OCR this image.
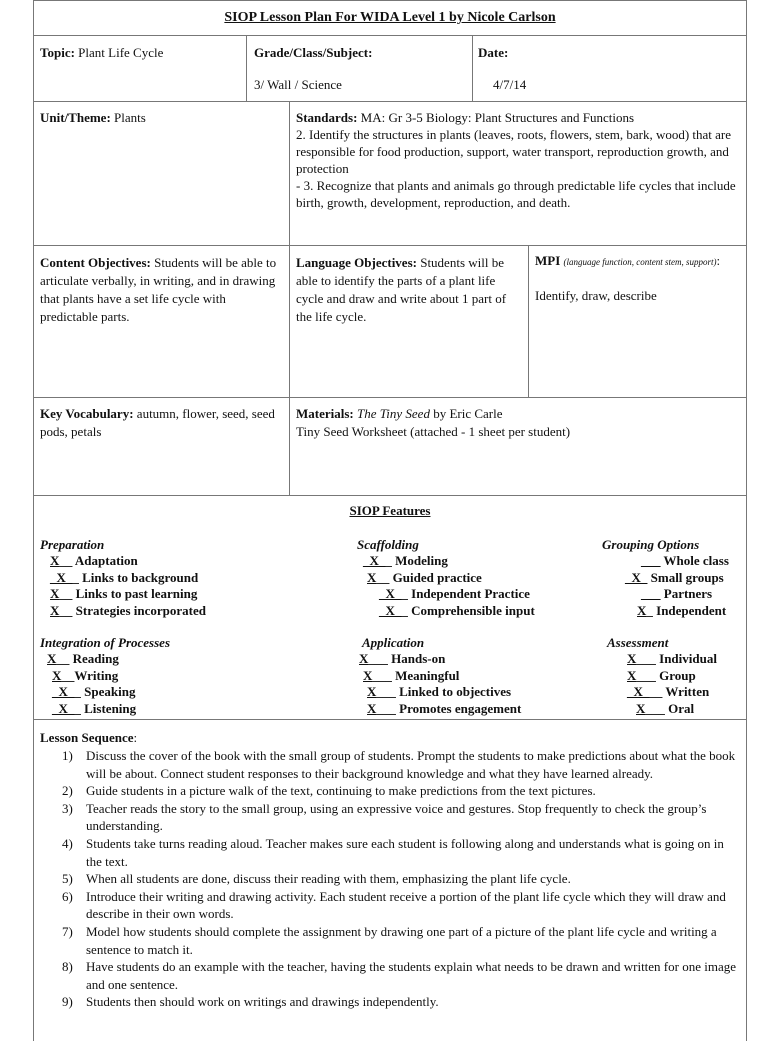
SIOP Lesson Plan For WIDA Level 1 by Nicole Carlson
Topic: Plant Life Cycle	Grade/Class/Subject:
3/ Wall / Science
Date:
4/7/14
Unit/Theme: Plants	Standards: MA: Gr 3-5 Biology: Plant Structures and Functions
2. Identify the structures in plants (leaves, roots, flowers, stem, bark, wood) that are responsible for food production, support, water transport, reproduction growth, and protection
- 3. Recognize that plants and animals go through predictable life cycles that include birth, growth, development, reproduction, and death.
Content Objectives: Students will be able to articulate verbally, in writing, and in drawing that plants have a set life cycle with predictable parts.
Language Objectives: Students will be able to identify the parts of a plant life cycle and draw and write about 1 part of the life cycle.
MPI (language function, content stem, support):
Identify, draw, describe
Key Vocabulary: autumn, flower, seed, seed pods, petals
Materials: The Tiny Seed by Eric Carle
Tiny Seed Worksheet (attached - 1 sheet per student)
SIOP Features
Preparation
X__ Adaptation
_X__ Links to background
X__ Links to past learning
X__ Strategies incorporated
Scaffolding
_X__ Modeling
X__ Guided practice
_X__ Independent Practice
_X__ Comprehensible input
Grouping Options
___ Whole class
_X_ Small groups
___ Partners
X_ Independent
Integration of Processes
X__ Reading
X__Writing
_X__ Speaking
_X__ Listening
Application
X___ Hands-on
X___ Meaningful
X___ Linked to objectives
X___ Promotes engagement
Assessment
X___ Individual
X___ Group
_X___ Written
X___ Oral
Lesson Sequence:
1) Discuss the cover of the book with the small group of students. Prompt the students to make predictions about what the book will be about. Connect student responses to their background knowledge and what they have learned already.
2) Guide students in a picture walk of the text, continuing to make predictions from the text pictures.
3) Teacher reads the story to the small group, using an expressive voice and gestures. Stop frequently to check the group’s understanding.
4) Students take turns reading aloud. Teacher makes sure each student is following along and understands what is going on in the text.
5) When all students are done, discuss their reading with them, emphasizing the plant life cycle.
6) Introduce their writing and drawing activity. Each student receive a portion of the plant life cycle which they will draw and describe in their own words.
7) Model how students should complete the assignment by drawing one part of a picture of the plant life cycle and writing a sentence to match it.
8) Have students do an example with the teacher, having the students explain what needs to be drawn and written for one image and one sentence.
9) Students then should work on writings and drawings independently.
